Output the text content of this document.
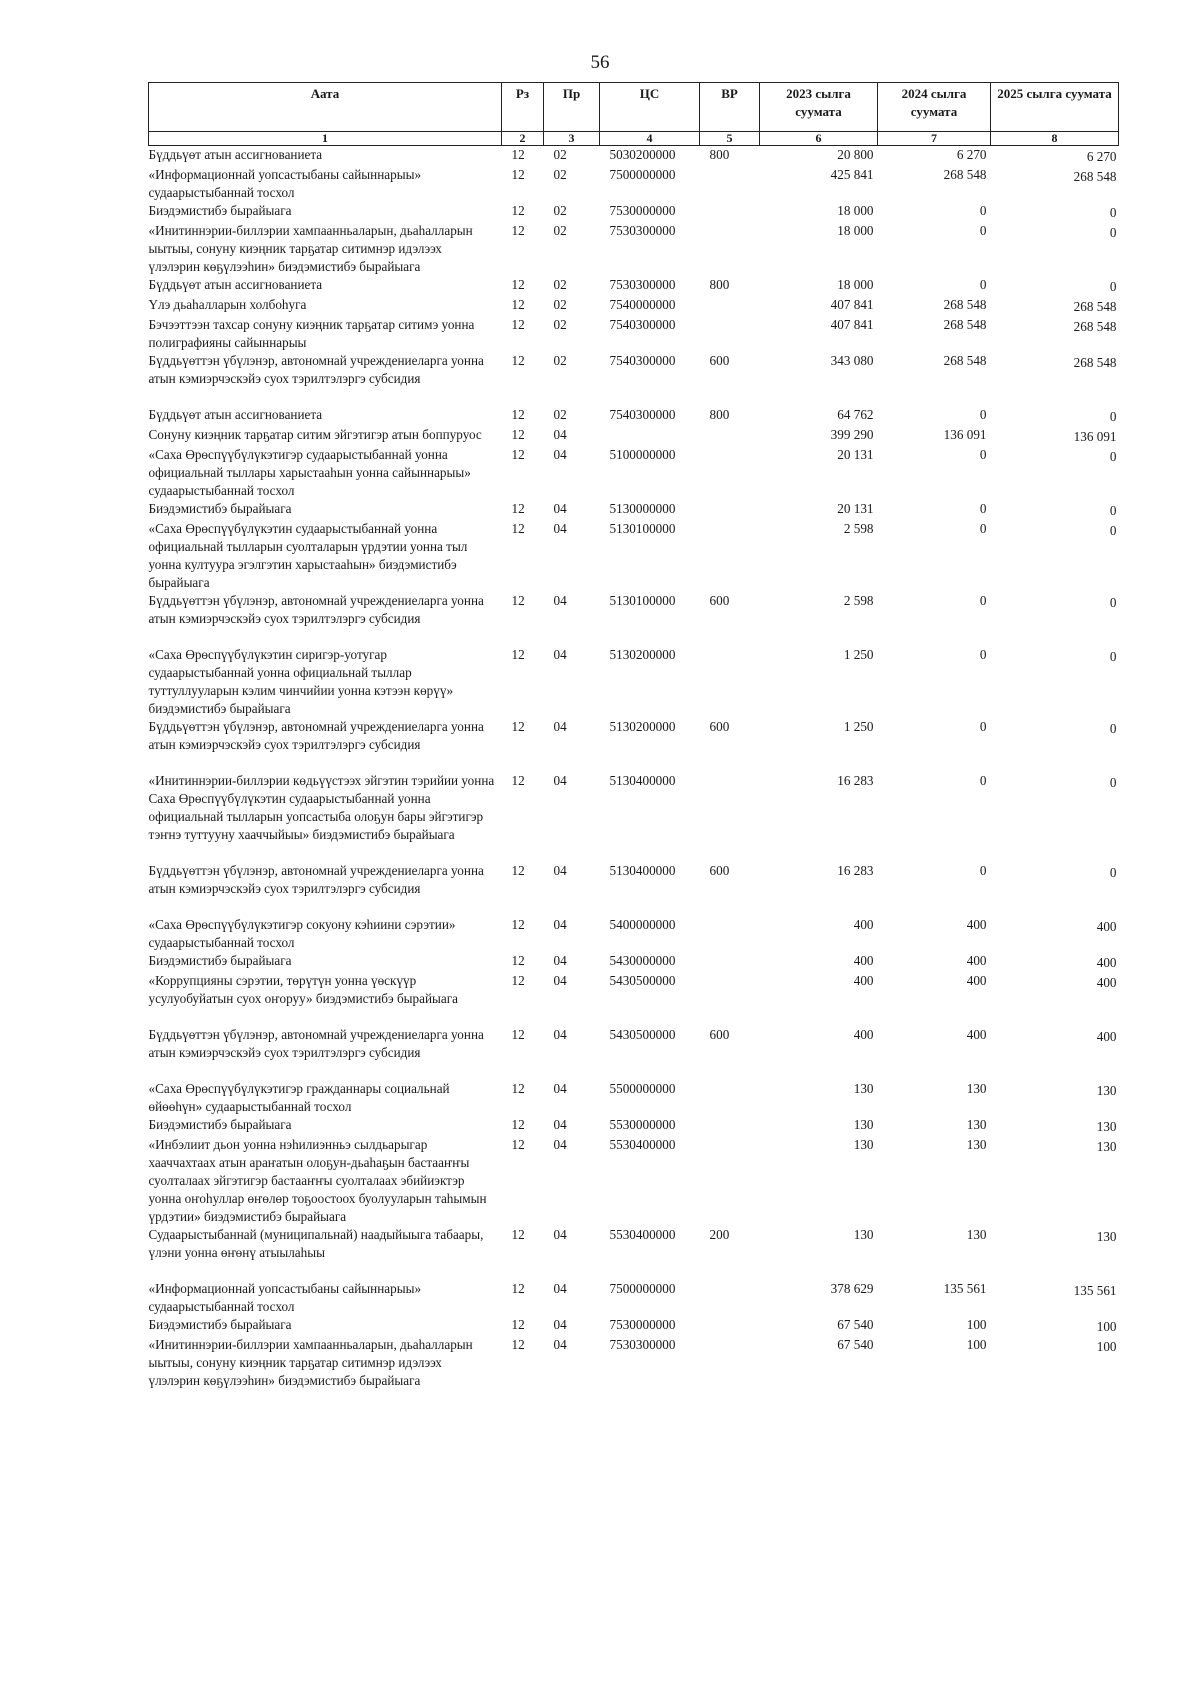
56
Аата	Рз	Пр	ЦС	ВР	2023 сылга суумата	2024 сылга суумата	2025 сылга суумата
1	2	3	4	5	6	7	8
Бүддьүөт атын ассигнованиета	12	02	5030200000	800	20 800	6 270	6 270
«Информационнай уопсастыбаны сайыннарыы» судаарыстыбаннай тосхол	12	02	7500000000		425 841	268 548	268 548
Биэдэмистибэ бырайыага	12	02	7530000000		18 000	0	0
«Инитиннэрии-биллэрии хампаанньаларын, дьаһалларын ыытыы, сонуну киэңник тарҕатар ситимнэр идэлээх үлэлэрин көҕүлээһин» биэдэмистибэ бырайыага	12	02	7530300000		18 000	0	0
Бүддьүөт атын ассигнованиета	12	02	7530300000	800	18 000	0	0
Үлэ дьаһалларын холбоһуга	12	02	7540000000		407 841	268 548	268 548
Бэчээттээн тахсар сонуну киэңник тарҕатар ситимэ уонна полиграфияны сайыннарыы	12	02	7540300000		407 841	268 548	268 548
Бүддьүөттэн үбүлэнэр, автономнай учреждениеларга уонна атын кэмиэрчэскэйэ суох тэрилтэлэргэ субсидия	12	02	7540300000	600	343 080	268 548	268 548
Бүддьүөт атын ассигнованиета	12	02	7540300000	800	64 762	0	0
Сонуну киэңник тарҕатар ситим эйгэтигэр атын боппуруос	12	04			399 290	136 091	136 091
«Саха Өрөспүүбүлүкэтигэр судаарыстыбаннай уонна официальнай тыллары харыстааһын уонна сайыннарыы» судаарыстыбаннай тосхол	12	04	5100000000		20 131	0	0
Биэдэмистибэ бырайыага	12	04	5130000000		20 131	0	0
«Саха Өрөспүүбүлүкэтин судаарыстыбаннай уонна официальнай тылларын суолталарын үрдэтии уонна тыл уонна култуура эгэлгэтин харыстааһын» биэдэмистибэ бырайыага	12	04	5130100000		2 598	0	0
Бүддьүөттэн үбүлэнэр, автономнай учреждениеларга уонна атын кэмиэрчэскэйэ суох тэрилтэлэргэ субсидия	12	04	5130100000	600	2 598	0	0
«Саха Өрөспүүбүлүкэтин сиригэр-уотугар судаарыстыбаннай уонна официальнай тыллар туттуллууларын кэлим чинчийии уонна кэтээн көрүү» биэдэмистибэ бырайыага	12	04	5130200000		1 250	0	0
Бүддьүөттэн үбүлэнэр, автономнай учреждениеларга уонна атын кэмиэрчэскэйэ суох тэрилтэлэргэ субсидия	12	04	5130200000	600	1 250	0	0
«Инитиннэрии-биллэрии көдьүүстээх эйгэтин тэрийии уонна Саха Өрөспүүбүлүкэтин судаарыстыбаннай уонна официальнай тылларын уопсастыба олоҕун бары эйгэтигэр тэҥнэ туттууну хааччыйыы» биэдэмистибэ бырайыага	12	04	5130400000		16 283	0	0
Бүддьүөттэн үбүлэнэр, автономнай учреждениеларга уонна атын кэмиэрчэскэйэ суох тэрилтэлэргэ субсидия	12	04	5130400000	600	16 283	0	0
«Саха Өрөспүүбүлүкэтигэр сокуону кэһиини сэрэтии» судаарыстыбаннай тосхол	12	04	5400000000		400	400	400
Биэдэмистибэ бырайыага	12	04	5430000000		400	400	400
«Коррупцияны сэрэтии, төрүтүн уонна үөскүүр усулуобуйатын суох оҥоруу» биэдэмистибэ бырайыага	12	04	5430500000		400	400	400
Бүддьүөттэн үбүлэнэр, автономнай учреждениеларга уонна атын кэмиэрчэскэйэ суох тэрилтэлэргэ субсидия	12	04	5430500000	600	400	400	400
«Саха Өрөспүүбүлүкэтигэр гражданнары социальнай өйөөһүн» судаарыстыбаннай тосхол	12	04	5500000000		130	130	130
Биэдэмистибэ бырайыага	12	04	5530000000		130	130	130
«Инбэлиит дьон уонна нэһилиэнньэ сылдьарыгар хааччахтаах атын араҥатын олоҕун-дьаһаҕын бастааҥҥы суолталаах эйгэтигэр бастааҥҥы суолталаах эбийиэктэр уонна оҥоһуллар өҥөлөр тоҕоостоох буолууларын таһымын үрдэтии» биэдэмистибэ бырайыага	12	04	5530400000		130	130	130
Судаарыстыбаннай (муниципальнай) наадыйыыга табаары, үлэни уонна өҥөнү атыылаһыы	12	04	5530400000	200	130	130	130
«Информационнай уопсастыбаны сайыннарыы» судаарыстыбаннай тосхол	12	04	7500000000		378 629	135 561	135 561
Биэдэмистибэ бырайыага	12	04	7530000000		67 540	100	100
«Инитиннэрии-биллэрии хампаанньаларын, дьаһалларын ыытыы, сонуну киэңник тарҕатар ситимнэр идэлээх үлэлэрин көҕүлээһин» биэдэмистибэ бырайыага	12	04	7530300000		67 540	100	100
